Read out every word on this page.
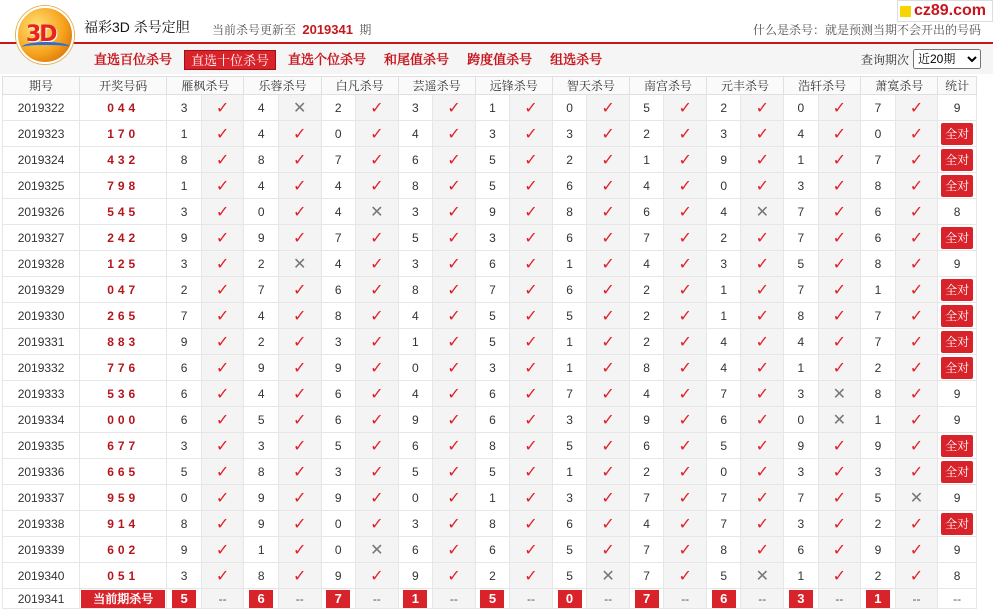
3D 福彩3D 杀号定胆 当前杀号更新至 2019341 期	什么是杀号：就是预测当期不会开出的号码
cz89.com
直选百位杀号	直选十位杀号	直选个位杀号	和尾值杀号	跨度值杀号	组选杀号	查询期次
近20期
期号	开奖号码	雁枫杀号		乐蓉杀号		白凡杀号		芸遥杀号		远锋杀号		智天杀号		南宫杀号		元丰杀号		浩轩杀号		萧寞杀号		统计
2019322	044	3	✓	4	✕	2	✓	3	✓	1	✓	0	✓	5	✓	2	✓	0	✓	7	✓	9
2019323	170	1	✓	4	✓	0	✓	4	✓	3	✓	3	✓	2	✓	3	✓	4	✓	0	✓	全对
2019324	432	8	✓	8	✓	7	✓	6	✓	5	✓	2	✓	1	✓	9	✓	1	✓	7	✓	全对
2019325	798	1	✓	4	✓	4	✓	8	✓	5	✓	6	✓	4	✓	0	✓	3	✓	8	✓	全对
2019326	545	3	✓	0	✓	4	✕	3	✓	9	✓	8	✓	6	✓	4	✕	7	✓	6	✓	8
2019327	242	9	✓	9	✓	7	✓	5	✓	3	✓	6	✓	7	✓	2	✓	7	✓	6	✓	全对
2019328	125	3	✓	2	✕	4	✓	3	✓	6	✓	1	✓	4	✓	3	✓	5	✓	8	✓	9
2019329	047	2	✓	7	✓	6	✓	8	✓	7	✓	6	✓	2	✓	1	✓	7	✓	1	✓	全对
2019330	265	7	✓	4	✓	8	✓	4	✓	5	✓	5	✓	2	✓	1	✓	8	✓	7	✓	全对
2019331	883	9	✓	2	✓	3	✓	1	✓	5	✓	1	✓	2	✓	4	✓	4	✓	7	✓	全对
2019332	776	6	✓	9	✓	9	✓	0	✓	3	✓	1	✓	8	✓	4	✓	1	✓	2	✓	全对
2019333	536	6	✓	4	✓	6	✓	4	✓	6	✓	7	✓	4	✓	7	✓	3	✕	8	✓	9
2019334	000	6	✓	5	✓	6	✓	9	✓	6	✓	3	✓	9	✓	6	✓	0	✕	1	✓	9
2019335	677	3	✓	3	✓	5	✓	6	✓	8	✓	5	✓	6	✓	5	✓	9	✓	9	✓	全对
2019336	665	5	✓	8	✓	3	✓	5	✓	5	✓	1	✓	2	✓	0	✓	3	✓	3	✓	全对
2019337	959	0	✓	9	✓	9	✓	0	✓	1	✓	3	✓	7	✓	7	✓	7	✓	5	✕	9
2019338	914	8	✓	9	✓	0	✓	3	✓	8	✓	6	✓	4	✓	7	✓	3	✓	2	✓	全对
2019339	602	9	✓	1	✓	0	✕	6	✓	6	✓	5	✓	7	✓	8	✓	6	✓	9	✓	9
2019340	051	3	✓	8	✓	9	✓	9	✓	2	✓	5	✕	7	✓	5	✕	1	✓	2	✓	8
2019341	当前期杀号	5	--	6	--	7	--	1	--	5	--	0	--	7	--	6	--	3	--	1	--	--
